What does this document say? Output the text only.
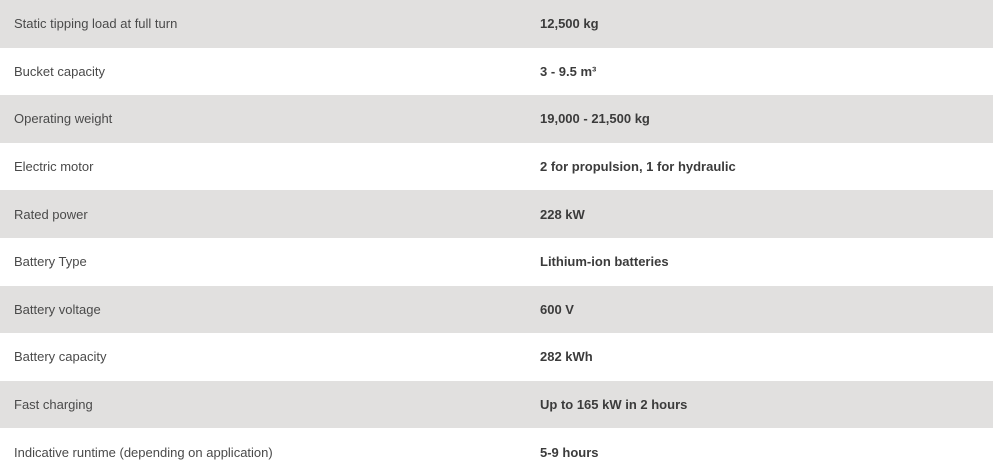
Static tipping load at full turn	12,500 kg
Bucket capacity	3 - 9.5 m³
Operating weight	19,000 - 21,500 kg
Electric motor	2 for propulsion, 1 for hydraulic
Rated power	228 kW
Battery Type	Lithium-ion batteries
Battery voltage	600 V
Battery capacity	282 kWh
Fast charging	Up to 165 kW in 2 hours
Indicative runtime (depending on application)	5-9 hours
